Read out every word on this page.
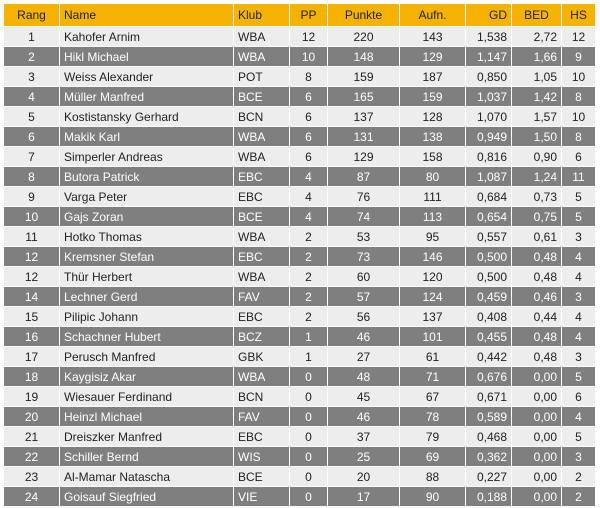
Rang	Name	Klub	PP	Punkte	Aufn.	GD	BED	HS
1	Kahofer Arnim	WBA	12	220	143	1,538	2,72	12
2	Hikl Michael	WBA	10	148	129	1,147	1,66	9
3	Weiss Alexander	POT	8	159	187	0,850	1,05	10
4	Müller Manfred	BCE	6	165	159	1,037	1,42	8
5	Kostistansky Gerhard	BCN	6	137	128	1,070	1,57	10
6	Makik Karl	WBA	6	131	138	0,949	1,50	8
7	Simperler Andreas	WBA	6	129	158	0,816	0,90	6
8	Butora Patrick	EBC	4	87	80	1,087	1,24	11
9	Varga Peter	EBC	4	76	111	0,684	0,73	5
10	Gajs Zoran	BCE	4	74	113	0,654	0,75	5
11	Hotko Thomas	WBA	2	53	95	0,557	0,61	3
12	Kremsner Stefan	EBC	2	73	146	0,500	0,48	4
12	Thür Herbert	WBA	2	60	120	0,500	0,48	4
14	Lechner Gerd	FAV	2	57	124	0,459	0,46	3
15	Pilipic Johann	EBC	2	56	137	0,408	0,44	4
16	Schachner Hubert	BCZ	1	46	101	0,455	0,48	4
17	Perusch Manfred	GBK	1	27	61	0,442	0,48	3
18	Kaygisiz Akar	WBA	0	48	71	0,676	0,00	5
19	Wiesauer Ferdinand	BCN	0	45	67	0,671	0,00	6
20	Heinzl Michael	FAV	0	46	78	0,589	0,00	4
21	Dreiszker Manfred	EBC	0	37	79	0,468	0,00	5
22	Schiller Bernd	WIS	0	25	69	0,362	0,00	3
23	Al-Mamar Natascha	BCE	0	20	88	0,227	0,00	2
24	Goisauf Siegfried	VIE	0	17	90	0,188	0,00	2
